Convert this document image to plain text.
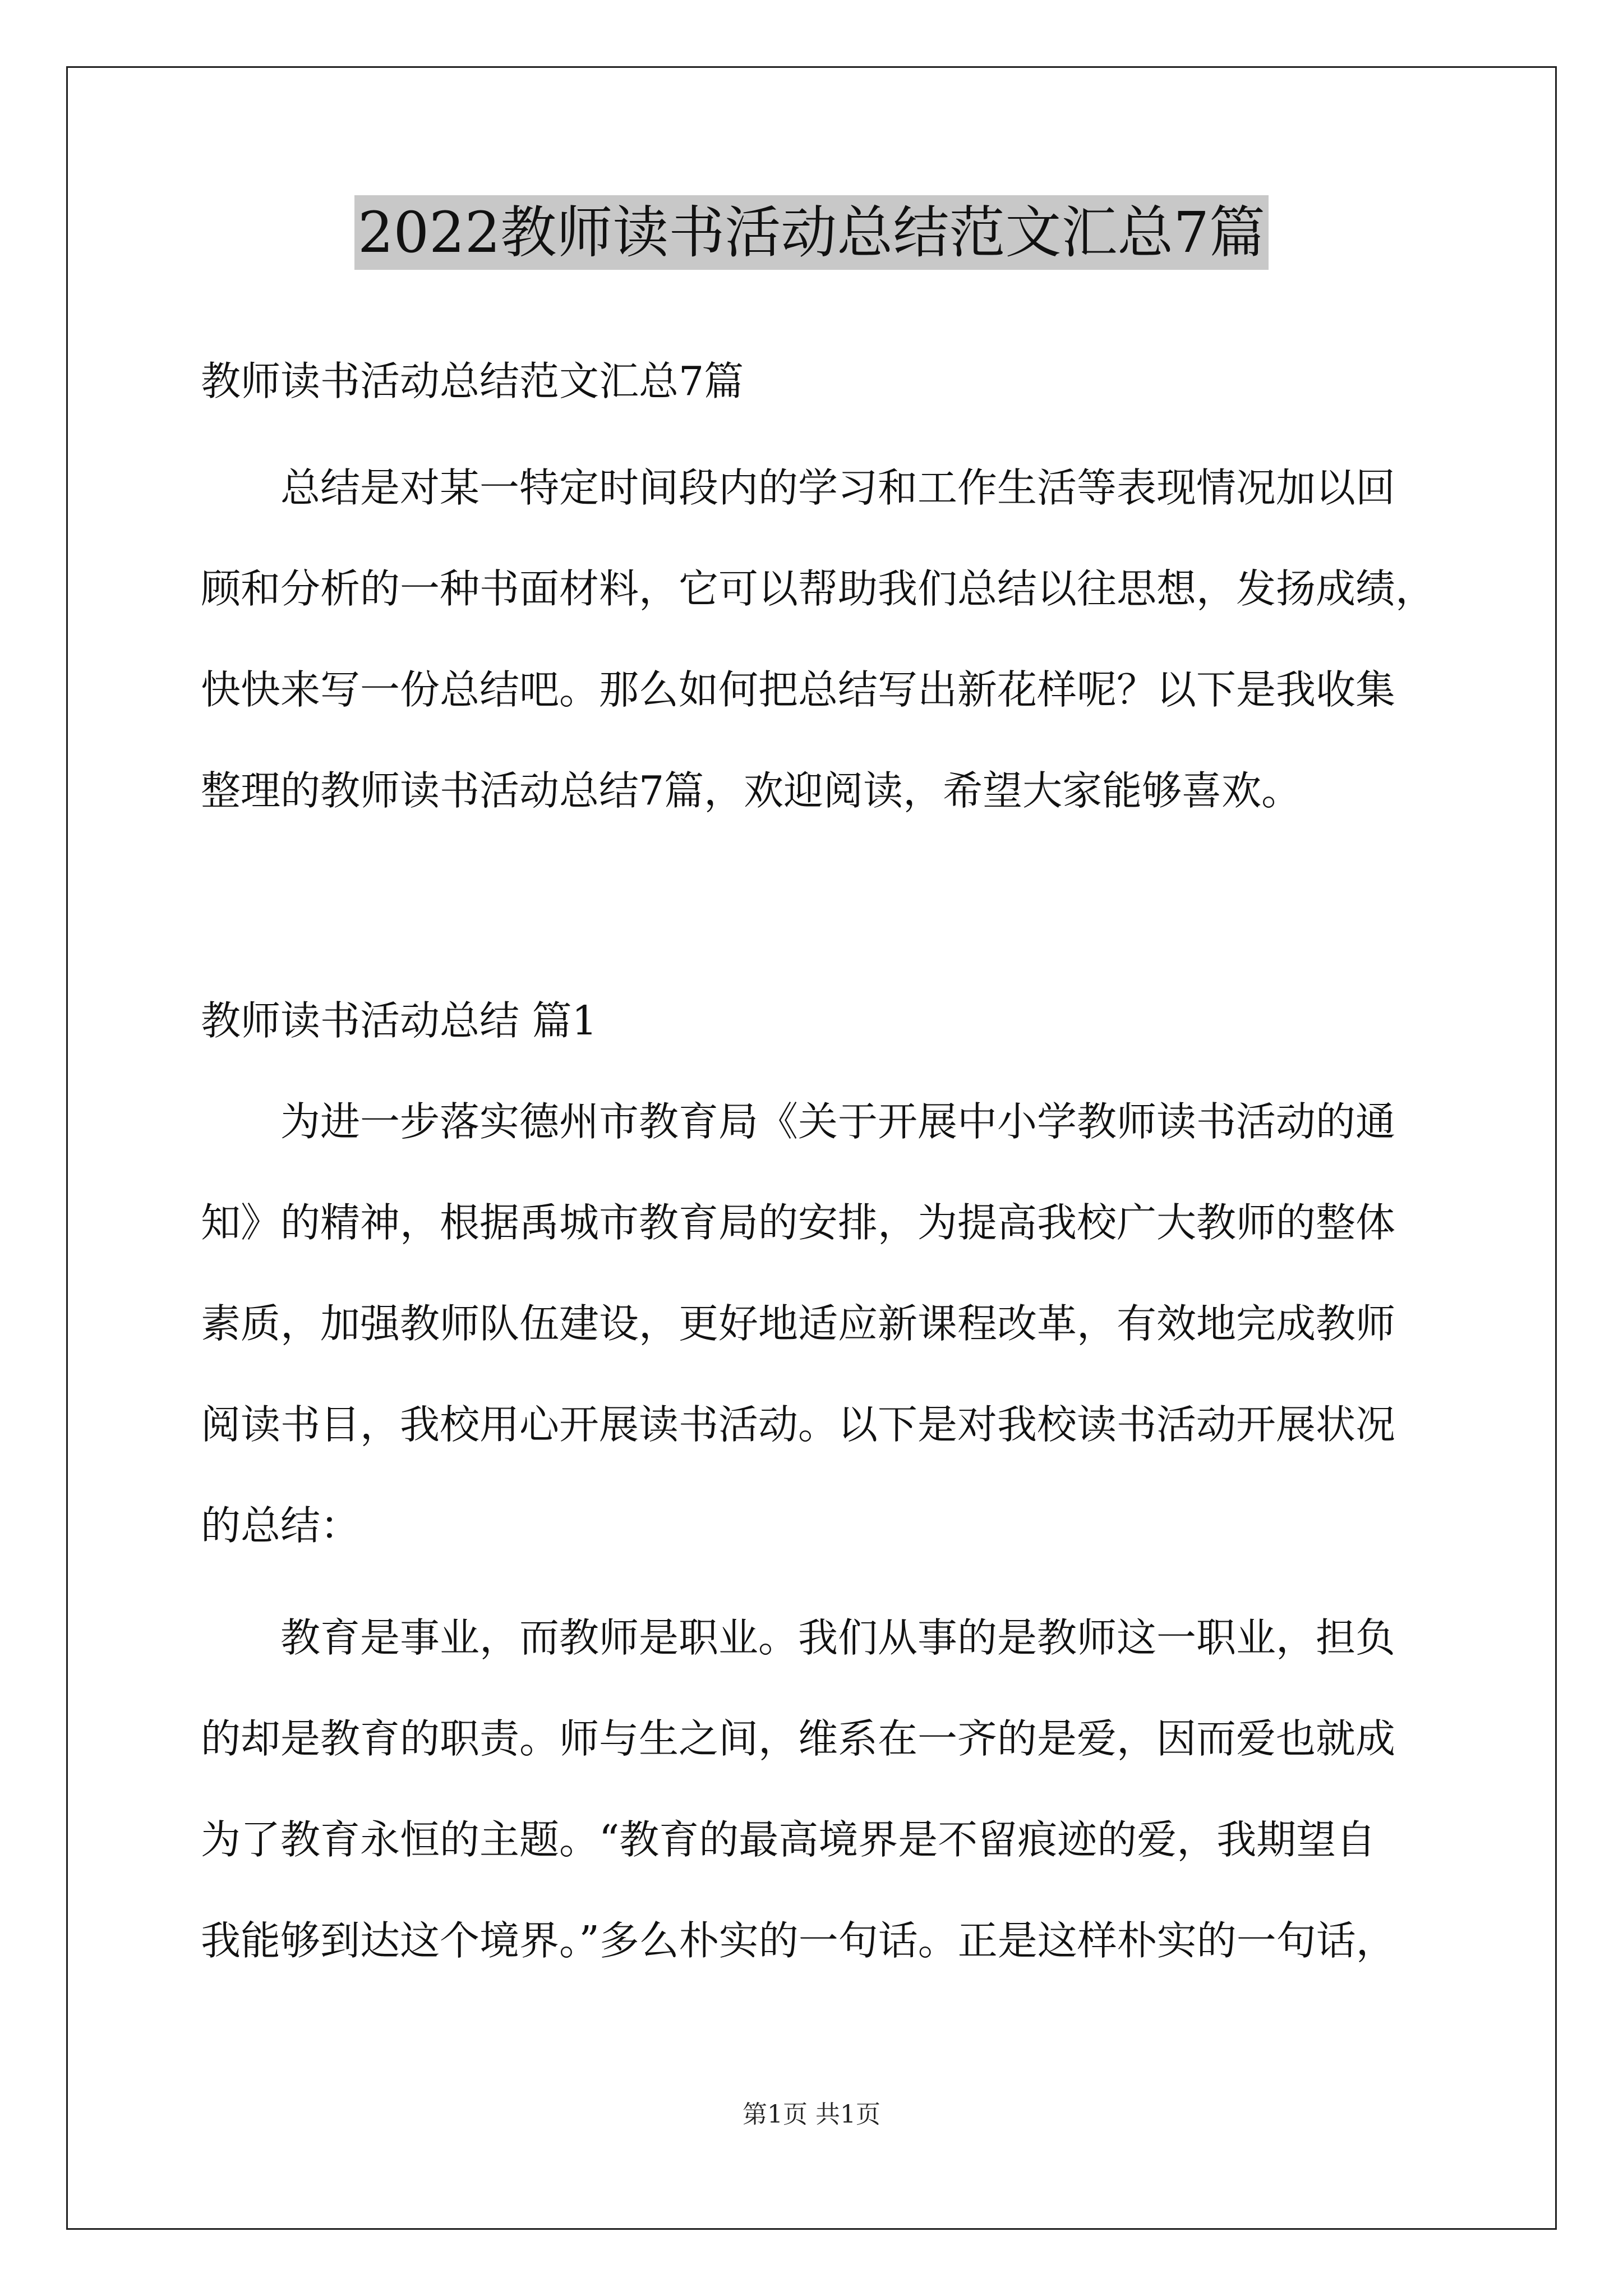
2022教师读书活动总结范文汇总7篇
教师读书活动总结范文汇总7篇
总结是对某一特定时间段内的学习和工作生活等表现情况加以回
顾和分析的一种书面材料，它可以帮助我们总结以往思想，发扬成绩，
快快来写一份总结吧。那么如何把总结写出新花样呢？以下是我收集
整理的教师读书活动总结7篇，欢迎阅读，希望大家能够喜欢。
教师读书活动总结 篇1
为进一步落实德州市教育局《关于开展中小学教师读书活动的通
知》的精神，根据禹城市教育局的安排，为提高我校广大教师的整体
素质，加强教师队伍建设，更好地适应新课程改革，有效地完成教师
阅读书目，我校用心开展读书活动。以下是对我校读书活动开展状况
的总结：
教育是事业，而教师是职业。我们从事的是教师这一职业，担负
的却是教育的职责。师与生之间，维系在一齐的是爱，因而爱也就成
为了教育永恒的主题。“教育的最高境界是不留痕迹的爱，我期望自
我能够到达这个境界。”多么朴实的一句话。正是这样朴实的一句话，
第1页 共1页
